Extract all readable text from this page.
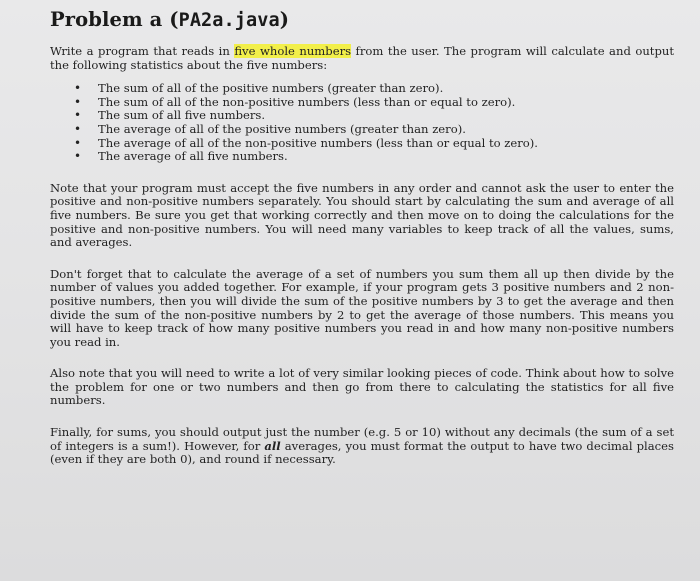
Problem a (PA2a.java)

Write a program that reads in five whole numbers from the user. The program will calculate and output the following statistics about the five numbers:

• The sum of all of the positive numbers (greater than zero).
• The sum of all of the non-positive numbers (less than or equal to zero).
• The sum of all five numbers.
• The average of all of the positive numbers (greater than zero).
• The average of all of the non-positive numbers (less than or equal to zero).
• The average of all five numbers.

Note that your program must accept the five numbers in any order and cannot ask the user to enter the positive and non-positive numbers separately. You should start by calculating the sum and average of all five numbers. Be sure you get that working correctly and then move on to doing the calculations for the positive and non-positive numbers. You will need many variables to keep track of all the values, sums, and averages.

Don't forget that to calculate the average of a set of numbers you sum them all up then divide by the number of values you added together. For example, if your program gets 3 positive numbers and 2 non-positive numbers, then you will divide the sum of the positive numbers by 3 to get the average and then divide the sum of the non-positive numbers by 2 to get the average of those numbers. This means you will have to keep track of how many positive numbers you read in and how many non-positive numbers you read in.

Also note that you will need to write a lot of very similar looking pieces of code. Think about how to solve the problem for one or two numbers and then go from there to calculating the statistics for all five numbers.

Finally, for sums, you should output just the number (e.g. 5 or 10) without any decimals (the sum of a set of integers is a sum!). However, for all averages, you must format the output to have two decimal places (even if they are both 0), and round if necessary.
